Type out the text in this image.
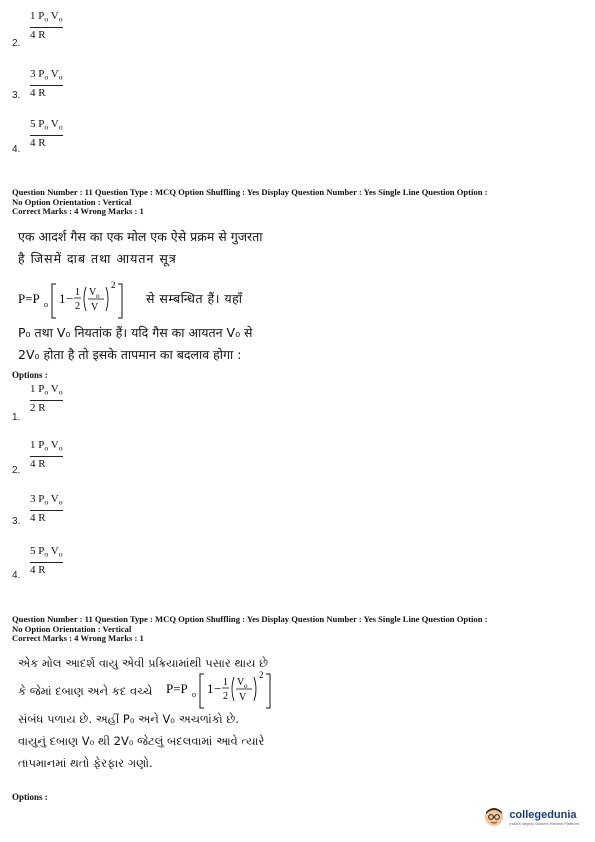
1 $P_o$ $V_o$
4 R
2.
3 $P_o$ $V_o$
4 R
3.
5 $P_o$ $V_o$
4 R
4.
Question Number : 11 Question Type : MCQ Option Shuffling : Yes Display Question Number : Yes Single Line Question Option :
No Option Orientation : Vertical
Correct Marks : 4 Wrong Marks : 1
एक आदर्श गैस का एक मोल एक ऐसे प्रक्रम से गुजरता
है जिसमें दाब तथा आयतन सूत्र
P=P o 1 − 1
2
V o
V
2
से सम्बन्धित हैं। यहाँ
P₀ तथा V₀ नियतांक हैं। यदि गैस का आयतन V₀ से
2V₀ होता है तो इसके तापमान का बदलाव होगा :
Options :
1 $P_o$ $V_o$
2 R
1.
1 $P_o$ $V_o$
4 R
2.
3 $P_o$ $V_o$
4 R
3.
5 $P_o$ $V_o$
4 R
4.
Question Number : 11 Question Type : MCQ Option Shuffling : Yes Display Question Number : Yes Single Line Question Option :
No Option Orientation : Vertical
Correct Marks : 4 Wrong Marks : 1
એક મોલ આદર્શ વાયુ એવી પ્રક્રિયામાંથી પસાર થાય છે
કે જેમાં દબાણ અને કદ વચ્ચે P=P o 1 − 1
2
V o
V
2
સંબંધ પળાય છે. અહીં P₀ અને V₀ અચળાંકો છે.
વાયુનું દબાણ V₀ થી 2V₀ જેટલું બદલવામાં આવે ત્યારે
તાપમાનમાં થતો ફેરફાર ગણો.
Options :
collegedunia
India's largest Student Review Platform
